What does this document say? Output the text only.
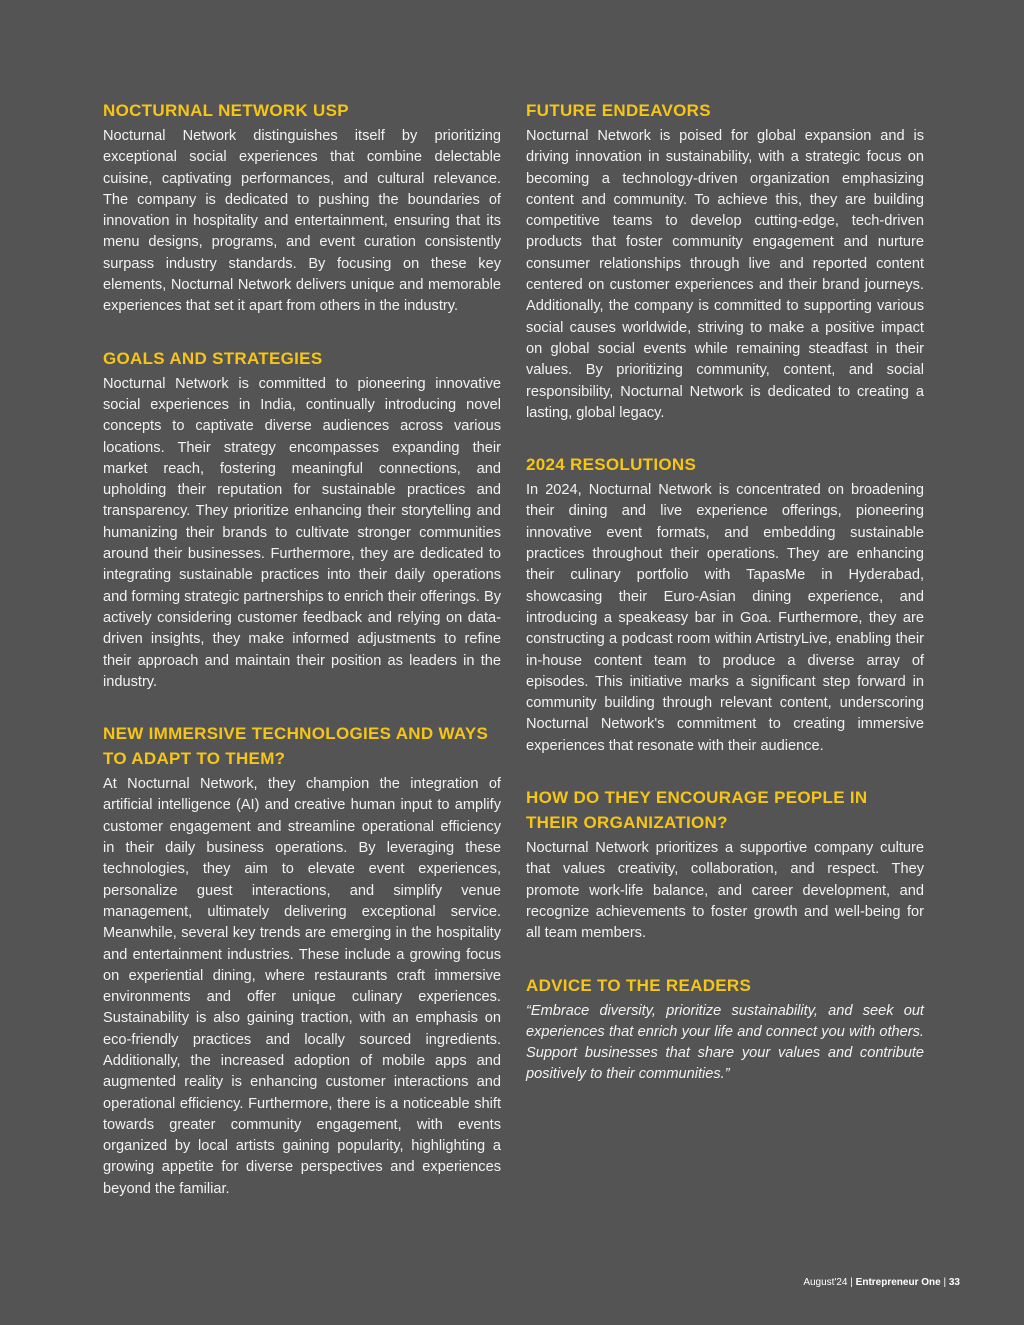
NOCTURNAL NETWORK USP

Nocturnal Network distinguishes itself by prioritizing exceptional social experiences that combine delectable cuisine, captivating performances, and cultural relevance. The company is dedicated to pushing the boundaries of innovation in hospitality and entertainment, ensuring that its menu designs, programs, and event curation consistently surpass industry standards. By focusing on these key elements, Nocturnal Network delivers unique and memorable experiences that set it apart from others in the industry.

GOALS AND STRATEGIES

Nocturnal Network is committed to pioneering innovative social experiences in India, continually introducing novel concepts to captivate diverse audiences across various locations. Their strategy encompasses expanding their market reach, fostering meaningful connections, and upholding their reputation for sustainable practices and transparency. They prioritize enhancing their storytelling and humanizing their brands to cultivate stronger communities around their businesses. Furthermore, they are dedicated to integrating sustainable practices into their daily operations and forming strategic partnerships to enrich their offerings. By actively considering customer feedback and relying on data-driven insights, they make informed adjustments to refine their approach and maintain their position as leaders in the industry.

NEW IMMERSIVE TECHNOLOGIES AND WAYS TO ADAPT TO THEM?

At Nocturnal Network, they champion the integration of artificial intelligence (AI) and creative human input to amplify customer engagement and streamline operational efficiency in their daily business operations. By leveraging these technologies, they aim to elevate event experiences, personalize guest interactions, and simplify venue management, ultimately delivering exceptional service. Meanwhile, several key trends are emerging in the hospitality and entertainment industries. These include a growing focus on experiential dining, where restaurants craft immersive environments and offer unique culinary experiences. Sustainability is also gaining traction, with an emphasis on eco-friendly practices and locally sourced ingredients. Additionally, the increased adoption of mobile apps and augmented reality is enhancing customer interactions and operational efficiency. Furthermore, there is a noticeable shift towards greater community engagement, with events organized by local artists gaining popularity, highlighting a growing appetite for diverse perspectives and experiences beyond the familiar.

FUTURE ENDEAVORS

Nocturnal Network is poised for global expansion and is driving innovation in sustainability, with a strategic focus on becoming a technology-driven organization emphasizing content and community. To achieve this, they are building competitive teams to develop cutting-edge, tech-driven products that foster community engagement and nurture consumer relationships through live and reported content centered on customer experiences and their brand journeys. Additionally, the company is committed to supporting various social causes worldwide, striving to make a positive impact on global social events while remaining steadfast in their values. By prioritizing community, content, and social responsibility, Nocturnal Network is dedicated to creating a lasting, global legacy.

2024 RESOLUTIONS

In 2024, Nocturnal Network is concentrated on broadening their dining and live experience offerings, pioneering innovative event formats, and embedding sustainable practices throughout their operations. They are enhancing their culinary portfolio with TapasMe in Hyderabad, showcasing their Euro-Asian dining experience, and introducing a speakeasy bar in Goa. Furthermore, they are constructing a podcast room within ArtistryLive, enabling their in-house content team to produce a diverse array of episodes. This initiative marks a significant step forward in community building through relevant content, underscoring Nocturnal Network's commitment to creating immersive experiences that resonate with their audience.

HOW DO THEY ENCOURAGE PEOPLE IN THEIR ORGANIZATION?

Nocturnal Network prioritizes a supportive company culture that values creativity, collaboration, and respect. They promote work-life balance, and career development, and recognize achievements to foster growth and well-being for all team members.

ADVICE TO THE READERS

“Embrace diversity, prioritize sustainability, and seek out experiences that enrich your life and connect you with others. Support businesses that share your values and contribute positively to their communities.”

August'24 | Entrepreneur One | 33
